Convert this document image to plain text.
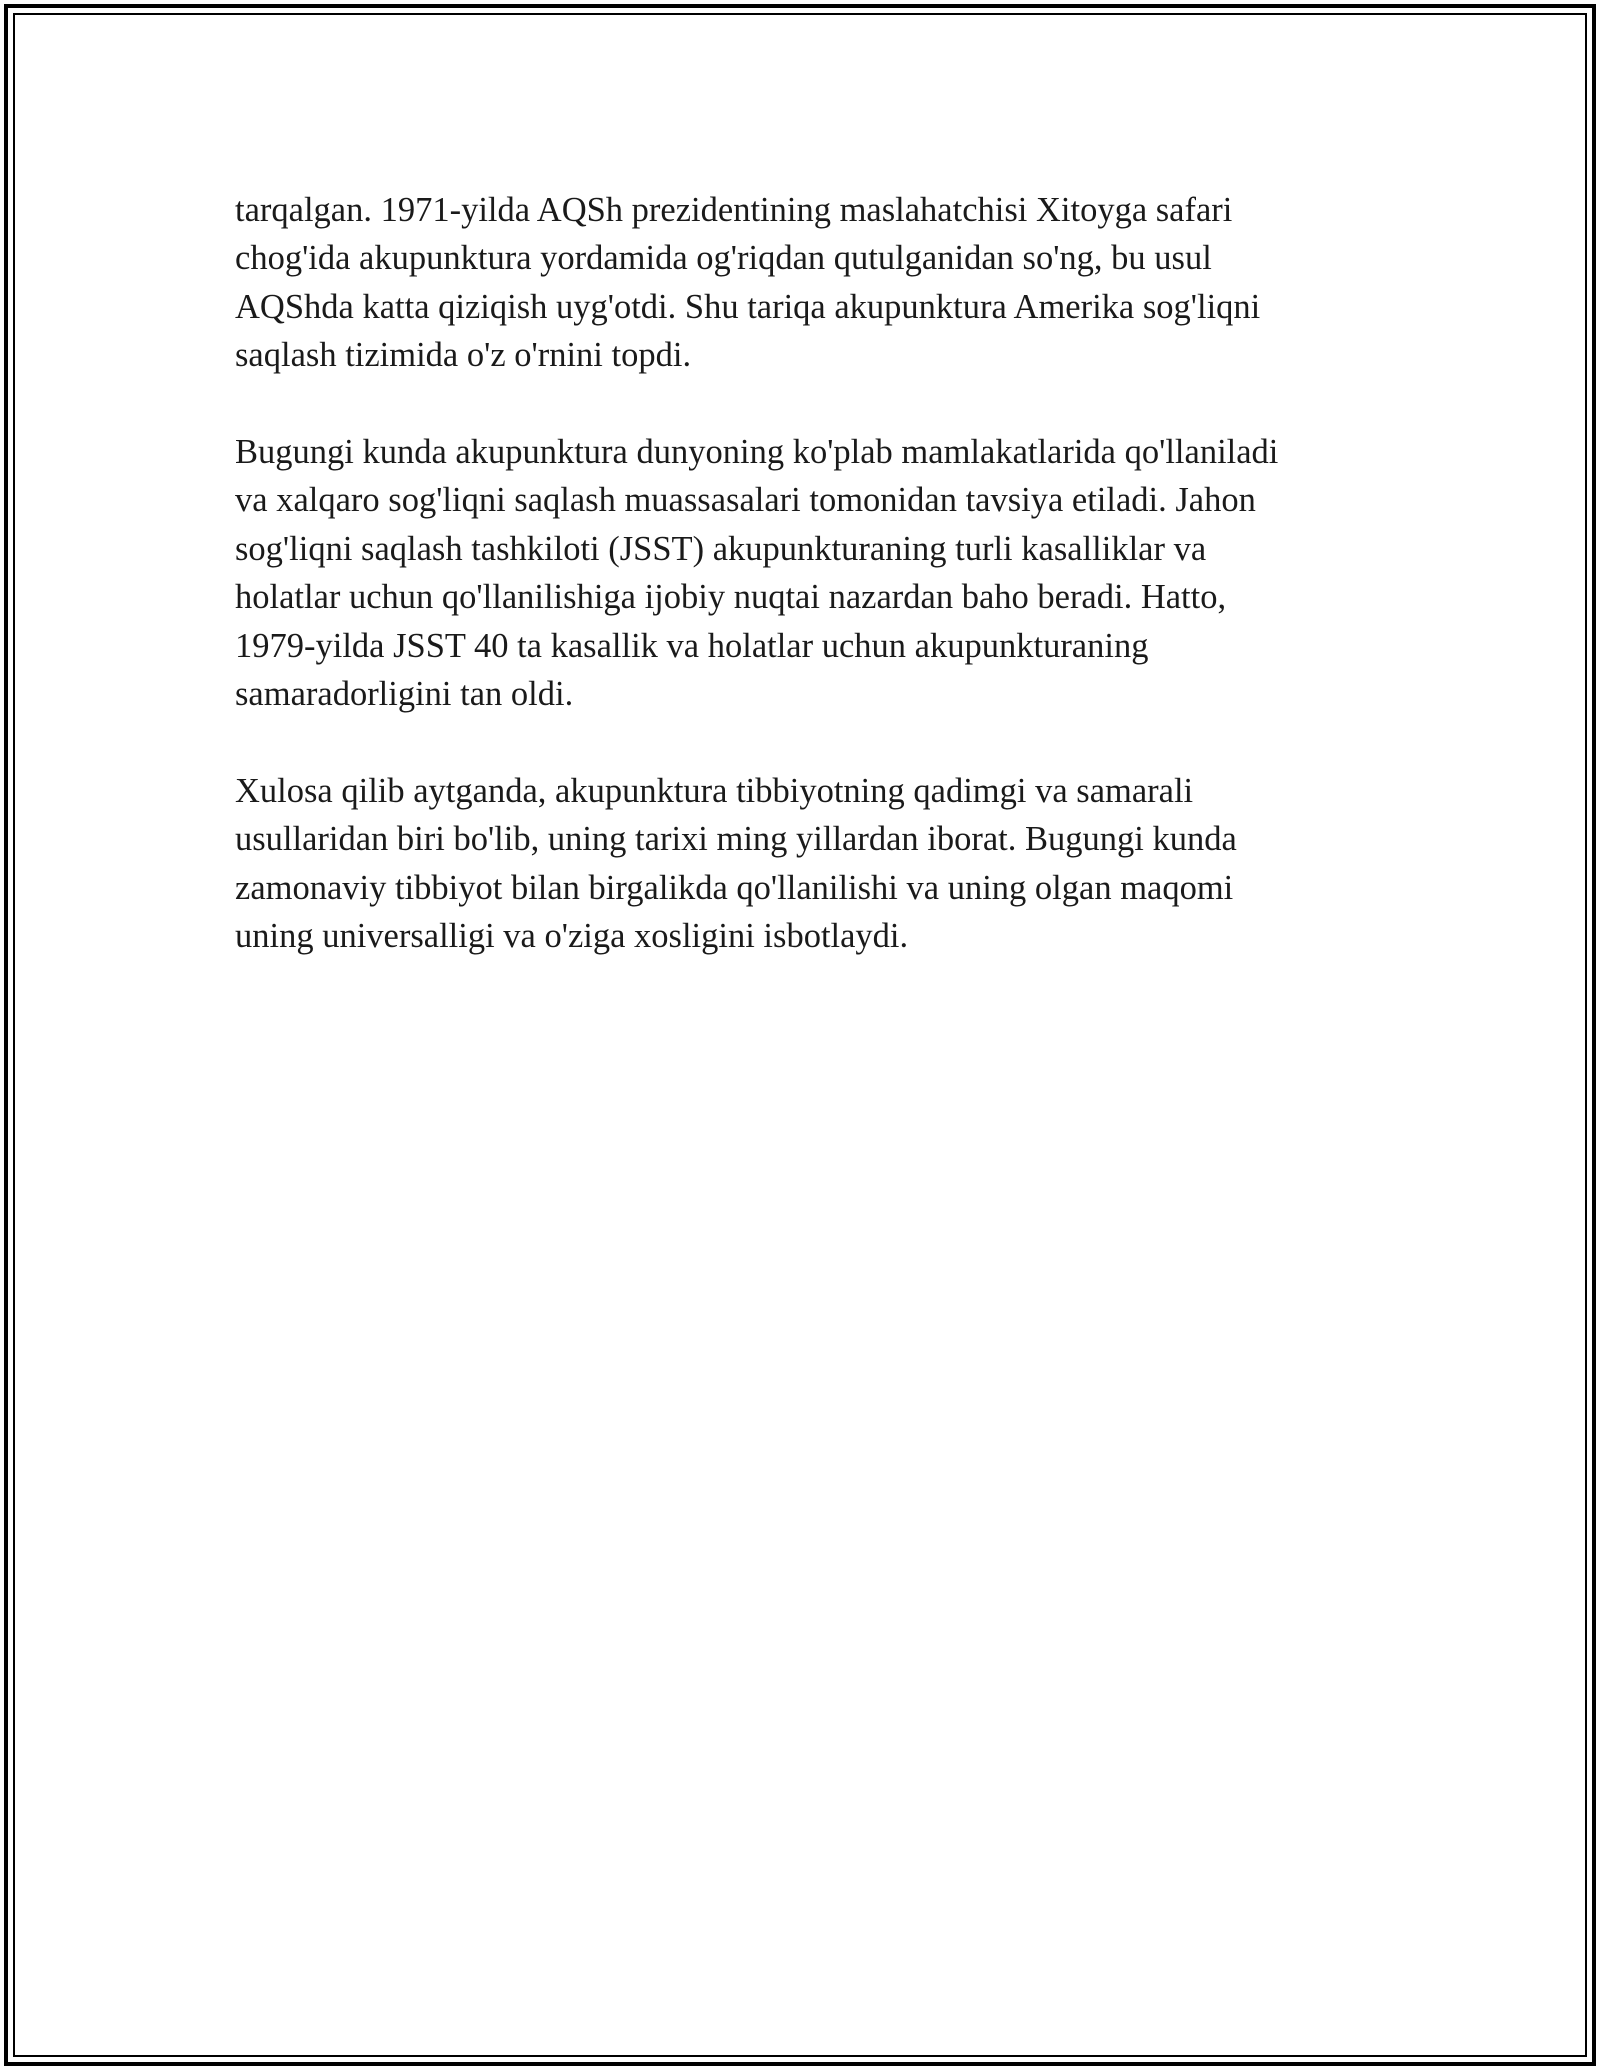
tarqalgan. 1971-yilda AQSh prezidentining maslahatchisi Xitoyga safari
chog'ida akupunktura yordamida og'riqdan qutulganidan so'ng, bu usul
AQShda katta qiziqish uyg'otdi. Shu tariqa akupunktura Amerika sog'liqni
saqlash tizimida o'z o'rnini topdi.

Bugungi kunda akupunktura dunyoning ko'plab mamlakatlarida qo'llaniladi
va xalqaro sog'liqni saqlash muassasalari tomonidan tavsiya etiladi. Jahon
sog'liqni saqlash tashkiloti (JSST) akupunkturaning turli kasalliklar va
holatlar uchun qo'llanilishiga ijobiy nuqtai nazardan baho beradi. Hatto,
1979-yilda JSST 40 ta kasallik va holatlar uchun akupunkturaning
samaradorligini tan oldi.

Xulosa qilib aytganda, akupunktura tibbiyotning qadimgi va samarali
usullaridan biri bo'lib, uning tarixi ming yillardan iborat. Bugungi kunda
zamonaviy tibbiyot bilan birgalikda qo'llanilishi va uning olgan maqomi
uning universalligi va o'ziga xosligini isbotlaydi.
